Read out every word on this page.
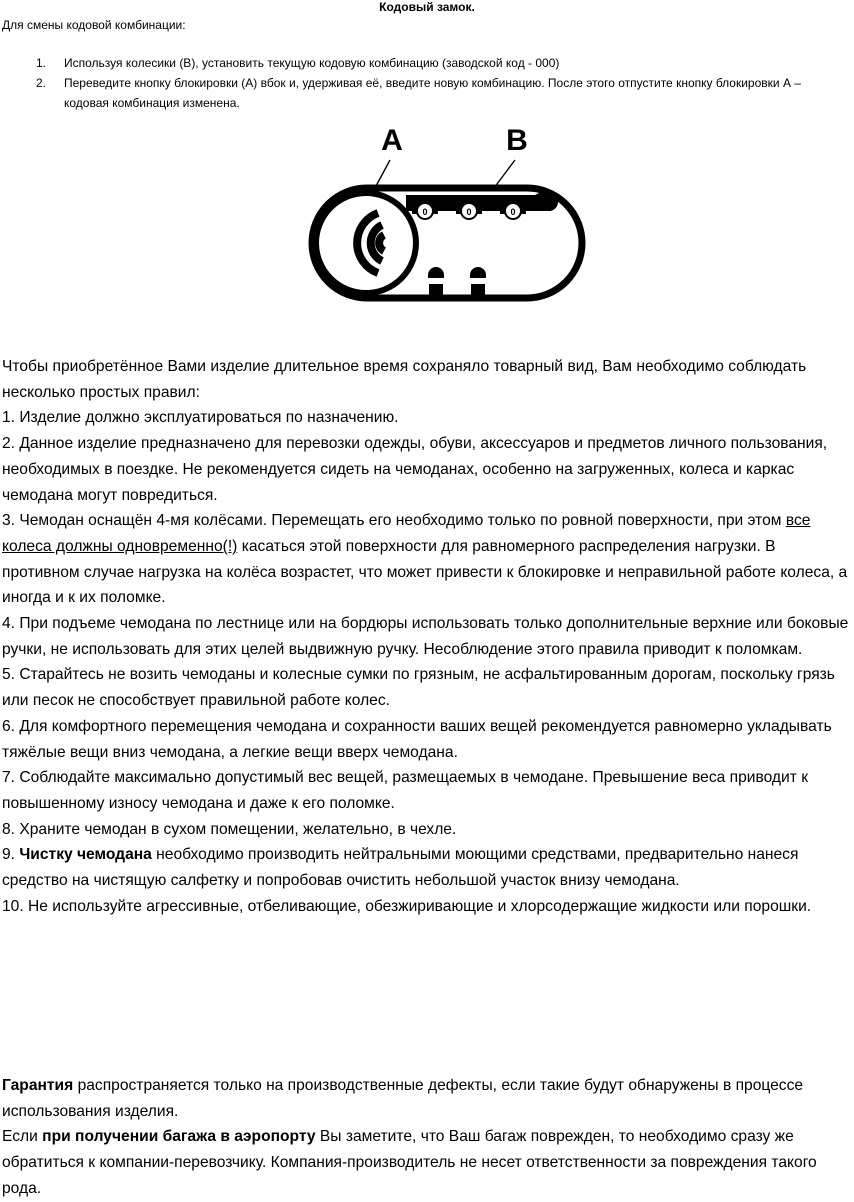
Кодовый замок.
Для смены кодовой комбинации:
1.	Используя колесики (В), установить текущую кодовую комбинацию (заводской код - 000)
2.	Переведите кнопку блокировки (А) вбок и, удерживая её, введите новую комбинацию. После этого отпустите кнопку блокировки А – кодовая комбинация изменена.
A	B
0	0	0

Чтобы приобретённое Вами изделие длительное время сохраняло товарный вид, Вам необходимо соблюдать несколько простых правил:

1. Изделие должно эксплуатироваться по назначению.

2. Данное изделие предназначено для перевозки одежды, обуви, аксессуаров и предметов личного пользования, необходимых в поездке. Не рекомендуется сидеть на чемоданах, особенно на загруженных, колеса и каркас чемодана могут повредиться.

3. Чемодан оснащён 4-мя колёсами. Перемещать его необходимо только по ровной поверхности, при этом все колеса должны одновременно(!) касаться этой поверхности для равномерного распределения нагрузки. В противном случае нагрузка на колёса возрастет, что может привести к блокировке и неправильной работе колеса, а иногда и к их поломке.

4. При подъеме чемодана по лестнице или на бордюры использовать только дополнительные верхние или боковые ручки, не использовать для этих целей выдвижную ручку. Несоблюдение этого правила приводит к поломкам.

5. Старайтесь не возить чемоданы и колесные сумки по грязным, не асфальтированным дорогам, поскольку грязь или песок не способствует правильной работе колес.

6. Для комфортного перемещения чемодана и сохранности ваших вещей рекомендуется равномерно укладывать тяжёлые вещи вниз чемодана, а легкие вещи вверх чемодана.

7. Соблюдайте максимально допустимый вес вещей, размещаемых в чемодане. Превышение веса приводит к повышенному износу чемодана и даже к его поломке.

8. Храните чемодан в сухом помещении, желательно, в чехле.

9. Чистку чемодана необходимо производить нейтральными моющими средствами, предварительно нанеся средство на чистящую салфетку и попробовав очистить небольшой участок внизу чемодана.

10. Не используйте агрессивные, отбеливающие, обезжиривающие и хлорсодержащие жидкости или порошки.

Гарантия распространяется только на производственные дефекты, если такие будут обнаружены в процессе использования изделия.

Если при получении багажа в аэропорту Вы заметите, что Ваш багаж поврежден, то необходимо сразу же обратиться к компании-перевозчику. Компания-производитель не несет ответственности за повреждения такого рода.
